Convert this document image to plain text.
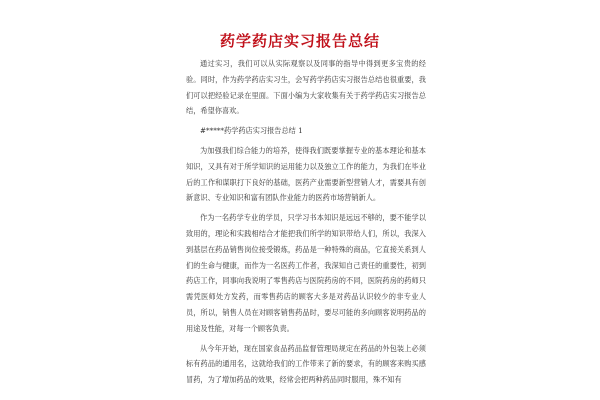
药学药店实习报告总结

通过实习，我们可以从实际观察以及同事的指导中得到更多宝贵的经验。同时，作为药学药店实习生，会写药学药店实习报告总结也很重要，我们可以把经验记录在里面。下面小编为大家收集有关于药学药店实习报告总结，希望你喜欢。

#*****药学药店实习报告总结 1

为加强我们综合能力的培养，使得我们既要掌握专业的基本理论和基本知识，又具有对于所学知识的运用能力以及独立工作的能力，为我们在毕业后的工作和谋职打下良好的基础，医药产业需要新型营销人才，需要具有创新意识、专业知识和富有团队作业能力的医药市场营销新人。

作为一名药学专业的学员，只学习书本知识是远远不够的，要不能学以致用的，理论和实践相结合才能把我们所学的知识带给人们，所以，我深入到基层在药品销售岗位接受锻炼，药品是一种特殊的商品，它直接关系到人们的生命与健康，而作为一名医药工作者，我深知自己责任的重要性，初到药店工作，同事向我说明了零售药店与医院药房的不同，医院药房的药师只需凭医师处方发药，而零售药店的顾客大多是对药品认识较少的非专业人员，所以，销售人员在对顾客销售药品时，要尽可能的多向顾客说明药品的用途及性能，对每一个顾客负责。

从今年开始，现在国家食品药品监督管理局规定在药品的外包装上必须标有药品的通用名，这就给我们的工作带来了新的要求，有的顾客来购买感冒药，为了增加药品的效果，经常会把两种药品同时服用，殊不知有
